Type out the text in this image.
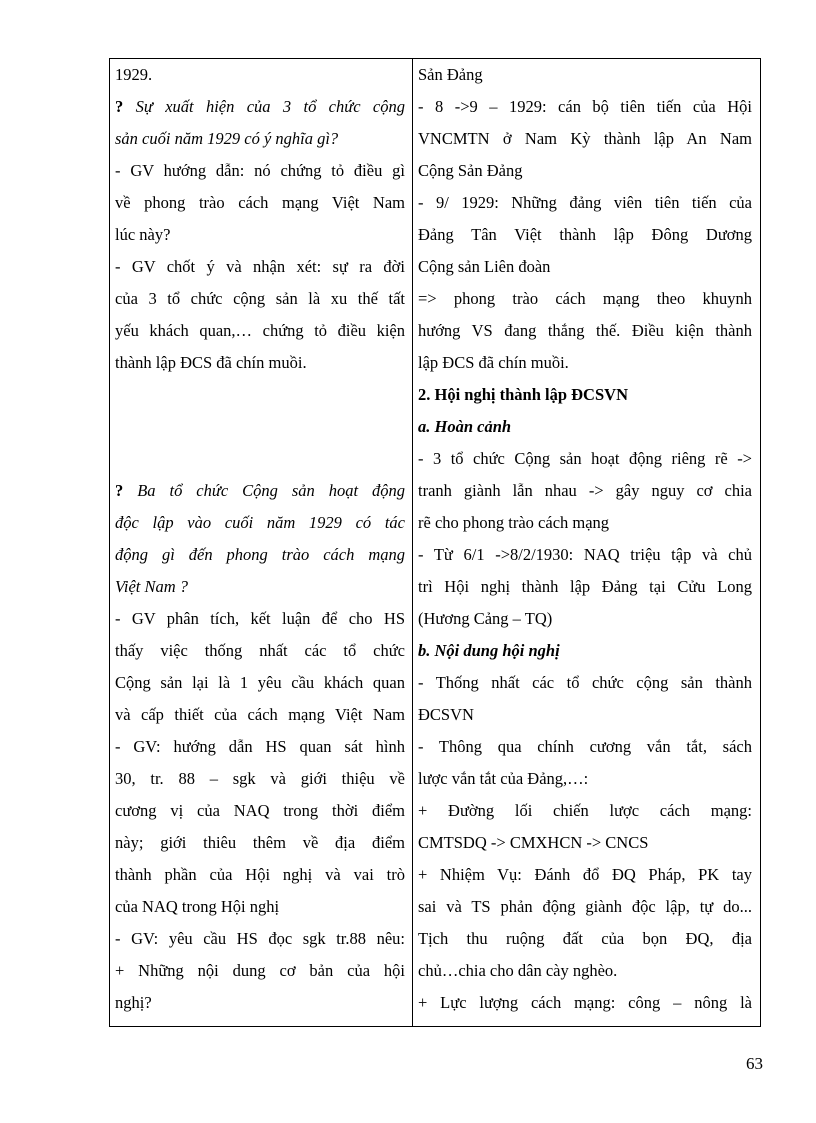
1929.
? Sự xuất hiện của 3 tổ chức cộng
sản cuối năm 1929 có ý nghĩa gì?
- GV hướng dẫn: nó chứng tỏ điều gì
về phong trào cách mạng Việt Nam
lúc này?
- GV chốt ý và nhận xét: sự ra đời
của 3 tổ chức cộng sản là xu thế tất
yếu khách quan,… chứng tỏ điều kiện
thành lập ĐCS đã chín muồi.
? Ba tổ chức Cộng sản hoạt động
độc lập vào cuối năm 1929 có tác
động gì đến phong trào cách mạng
Việt Nam ?
- GV phân tích, kết luận để cho HS
thấy việc thống nhất các tổ chức
Cộng sản lại là 1 yêu cầu khách quan
và cấp thiết của cách mạng Việt Nam
- GV: hướng dẫn HS quan sát hình
30, tr. 88 – sgk và giới thiệu về
cương vị của NAQ trong thời điểm
này; giới thiêu thêm về địa điểm
thành phần của Hội nghị và vai trò
của NAQ trong Hội nghị
- GV: yêu cầu HS đọc sgk tr.88 nêu:
+ Những nội dung cơ bản của hội
nghị?
Sản Đảng
- 8 ->9 – 1929: cán bộ tiên tiến của Hội
VNCMTN ở Nam Kỳ thành lập An Nam
Cộng Sản Đảng
- 9/ 1929: Những đảng viên tiên tiến của
Đảng Tân Việt thành lập Đông Dương
Cộng sản Liên đoàn
=> phong trào cách mạng theo khuynh
hướng VS đang thắng thế. Điều kiện thành
lập ĐCS đã chín muồi.
2. Hội nghị thành lập ĐCSVN
a. Hoàn cảnh
- 3 tổ chức Cộng sản hoạt động riêng rẽ ->
tranh giành lẫn nhau -> gây nguy cơ chia
rẽ cho phong trào cách mạng
- Từ 6/1 ->8/2/1930: NAQ triệu tập và chủ
trì Hội nghị thành lập Đảng tại Cửu Long
(Hương Cảng – TQ)
b. Nội dung hội nghị
- Thống nhất các tổ chức cộng sản thành
ĐCSVN
- Thông qua chính cương vắn tắt, sách
lược vắn tắt của Đảng,…:
+ Đường lối chiến lược cách mạng:
CMTSDQ -> CMXHCN -> CNCS
+ Nhiệm Vụ: Đánh đổ ĐQ Pháp, PK tay
sai và TS phản động giành độc lập, tự do...
Tịch thu ruộng đất của bọn ĐQ, địa
chủ…chia cho dân cày nghèo.
+ Lực lượng cách mạng: công – nông là
63
